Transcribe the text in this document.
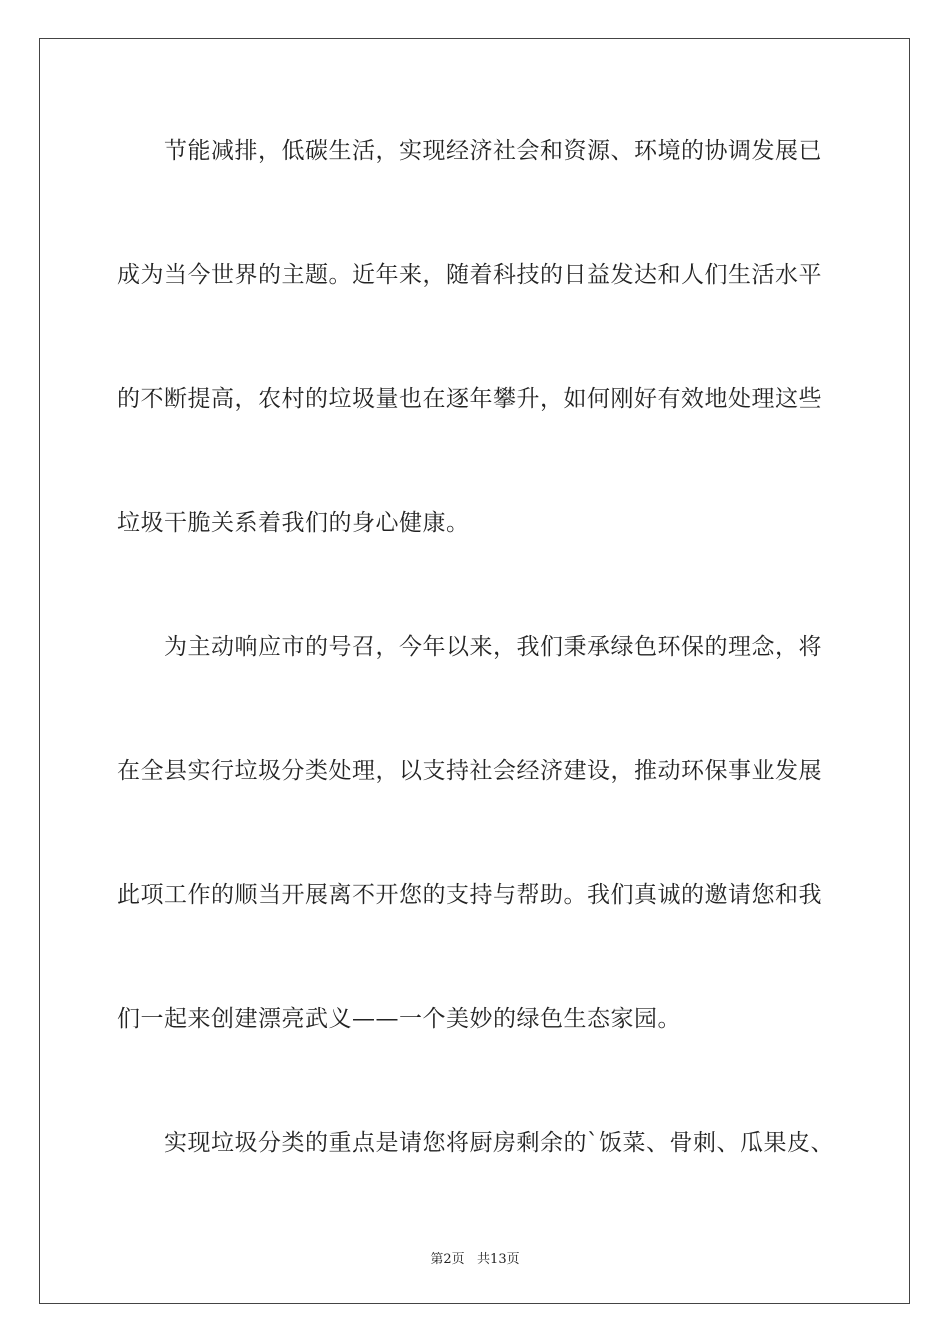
节能减排，低碳生活，实现经济社会和资源、环境的协调发展已
成为当今世界的主题。近年来，随着科技的日益发达和人们生活水平
的不断提高，农村的垃圾量也在逐年攀升，如何刚好有效地处理这些
垃圾干脆关系着我们的身心健康。
为主动响应市的号召，今年以来，我们秉承绿色环保的理念，将
在全县实行垃圾分类处理，以支持社会经济建设，推动环保事业发展
此项工作的顺当开展离不开您的支持与帮助。我们真诚的邀请您和我
们一起来创建漂亮武义——一个美妙的绿色生态家园。
实现垃圾分类的重点是请您将厨房剩余的`饭菜、骨刺、瓜果皮、
第2页   共13页
